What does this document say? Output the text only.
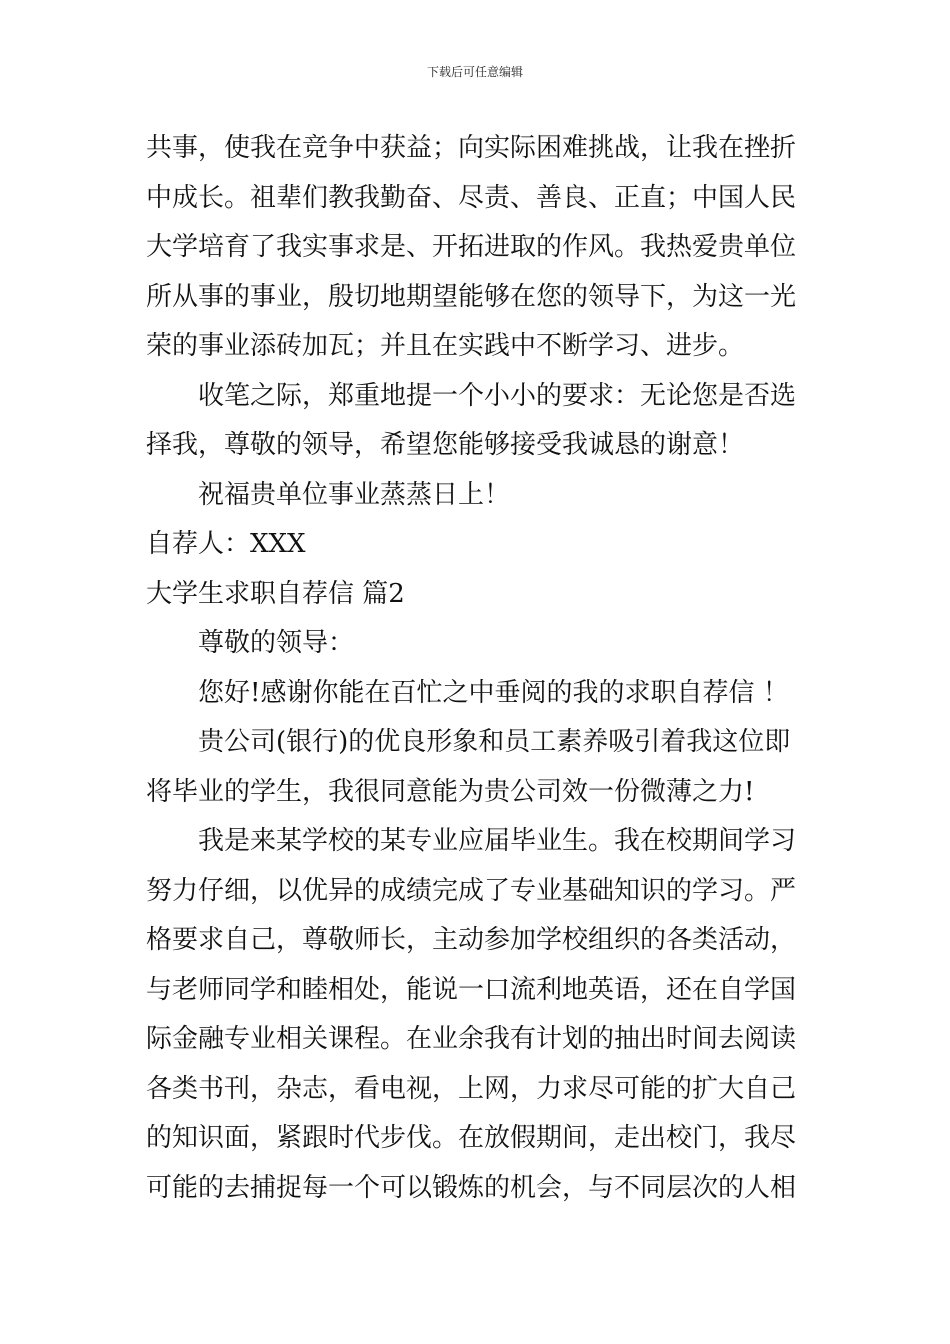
下载后可任意编辑
共事，使我在竞争中获益；向实际困难挑战，让我在挫折
中成长。祖辈们教我勤奋、尽责、善良、正直；中国人民
大学培育了我实事求是、开拓进取的作风。我热爱贵单位
所从事的事业，殷切地期望能够在您的领导下，为这一光
荣的事业添砖加瓦；并且在实践中不断学习、进步。
收笔之际，郑重地提一个小小的要求：无论您是否选
择我，尊敬的领导，希望您能够接受我诚恳的谢意！
祝福贵单位事业蒸蒸日上！
自荐人：XXX
大学生求职自荐信 篇2
尊敬的领导：
您好!感谢你能在百忙之中垂阅的我的求职自荐信 ！
贵公司(银行)的优良形象和员工素养吸引着我这位即
将毕业的学生，我很同意能为贵公司效一份微薄之力!
我是来某学校的某专业应届毕业生。我在校期间学习
努力仔细，以优异的成绩完成了专业基础知识的学习。严
格要求自己，尊敬师长，主动参加学校组织的各类活动，
与老师同学和睦相处，能说一口流利地英语，还在自学国
际金融专业相关课程。在业余我有计划的抽出时间去阅读
各类书刊，杂志，看电视，上网，力求尽可能的扩大自己
的知识面，紧跟时代步伐。在放假期间，走出校门，我尽
可能的去捕捉每一个可以锻炼的机会，与不同层次的人相
